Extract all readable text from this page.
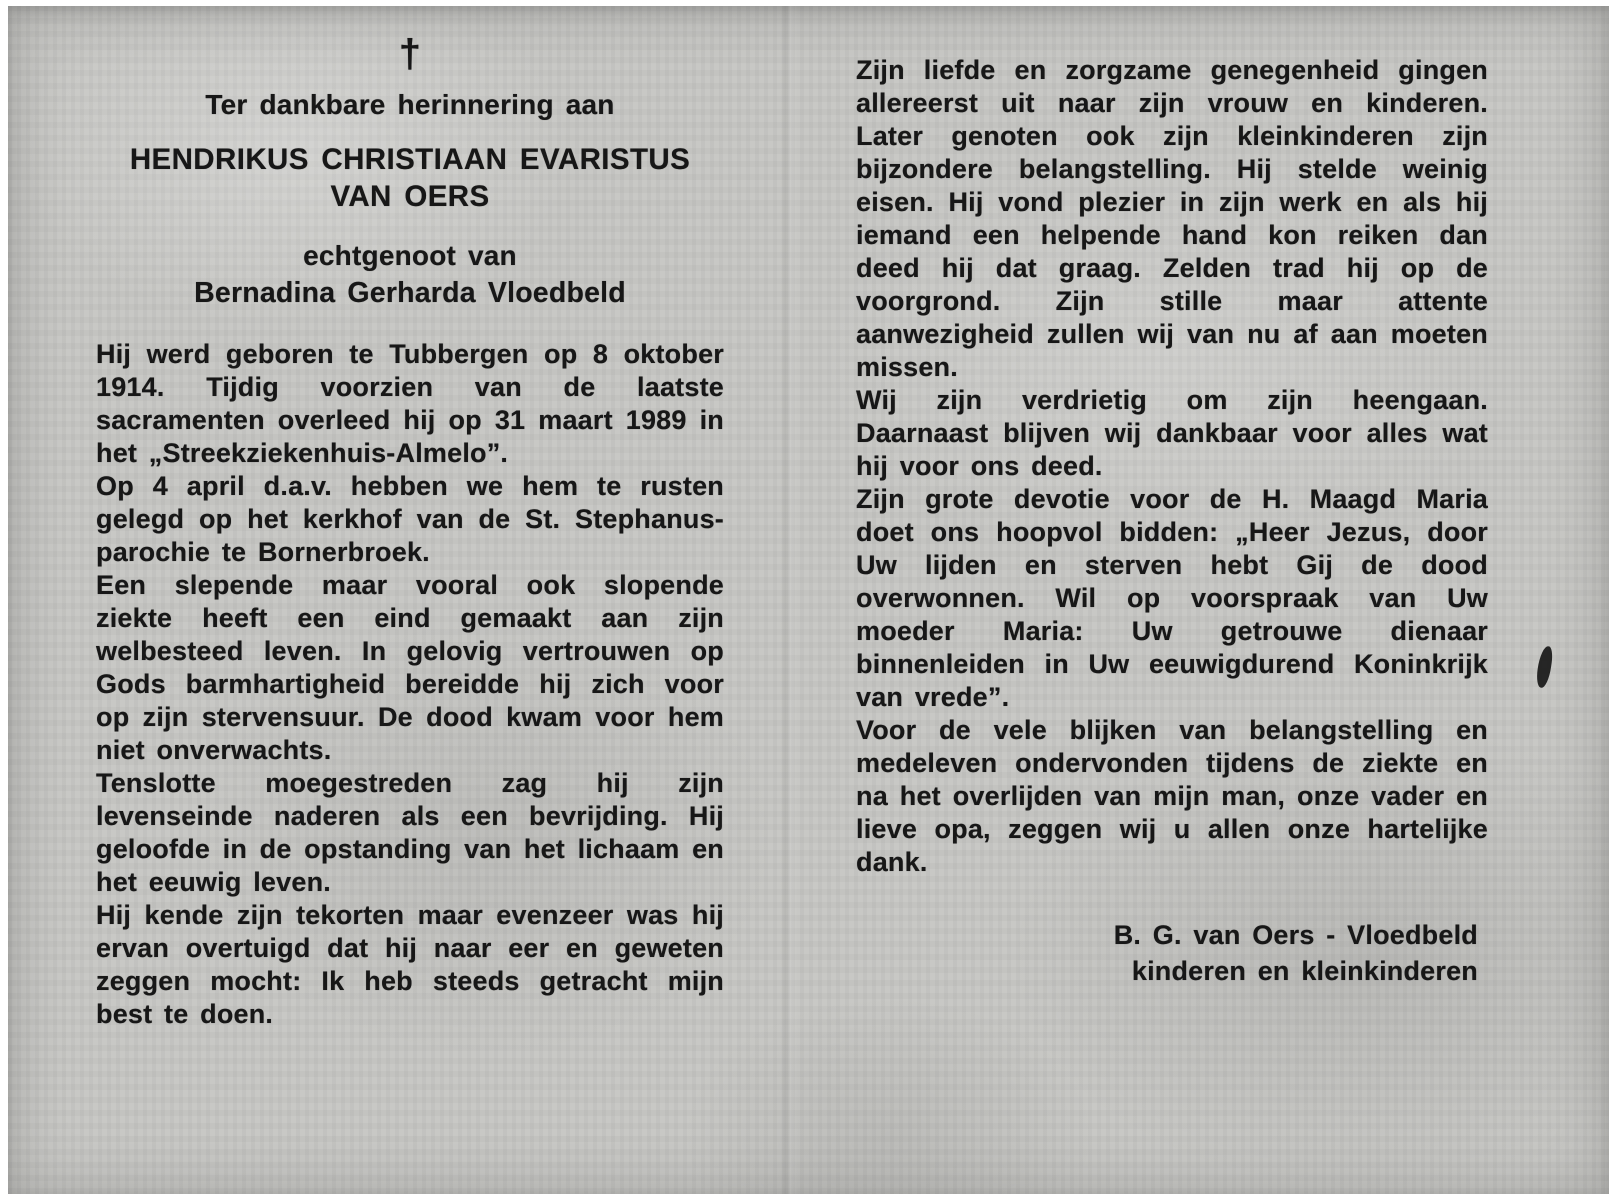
†
Ter dankbare herinnering aan
HENDRIKUS CHRISTIAAN EVARISTUS VAN OERS
echtgenoot van
Bernadina Gerharda Vloedbeld

Hij werd geboren te Tubbergen op 8 oktober 1914. Tijdig voorzien van de laatste sacramenten overleed hij op 31 maart 1989 in het „Streekziekenhuis-Almelo”.

Op 4 april d.a.v. hebben we hem te rusten gelegd op het kerkhof van de St. Stephanus-parochie te Bornerbroek.

Een slepende maar vooral ook slopende ziekte heeft een eind gemaakt aan zijn welbesteed leven. In gelovig vertrouwen op Gods barmhartigheid bereidde hij zich voor op zijn stervensuur. De dood kwam voor hem niet onverwachts.

Tenslotte moegestreden zag hij zijn levenseinde naderen als een bevrijding. Hij geloofde in de opstanding van het lichaam en het eeuwig leven.

Hij kende zijn tekorten maar evenzeer was hij ervan overtuigd dat hij naar eer en geweten zeggen mocht: Ik heb steeds getracht mijn best te doen.

Zijn liefde en zorgzame genegenheid gingen allereerst uit naar zijn vrouw en kinderen. Later genoten ook zijn kleinkinderen zijn bijzondere belangstelling. Hij stelde weinig eisen. Hij vond plezier in zijn werk en als hij iemand een helpende hand kon reiken dan deed hij dat graag. Zelden trad hij op de voorgrond. Zijn stille maar attente aanwezigheid zullen wij van nu af aan moeten missen.

Wij zijn verdrietig om zijn heengaan. Daarnaast blijven wij dankbaar voor alles wat hij voor ons deed.

Zijn grote devotie voor de H. Maagd Maria doet ons hoopvol bidden: „Heer Jezus, door Uw lijden en sterven hebt Gij de dood overwonnen. Wil op voorspraak van Uw moeder Maria: Uw getrouwe dienaar binnenleiden in Uw eeuwigdurend Koninkrijk van vrede”.

Voor de vele blijken van belangstelling en medeleven ondervonden tijdens de ziekte en na het overlijden van mijn man, onze vader en lieve opa, zeggen wij u allen onze hartelijke dank.

B. G. van Oers - Vloedbeld
kinderen en kleinkinderen
